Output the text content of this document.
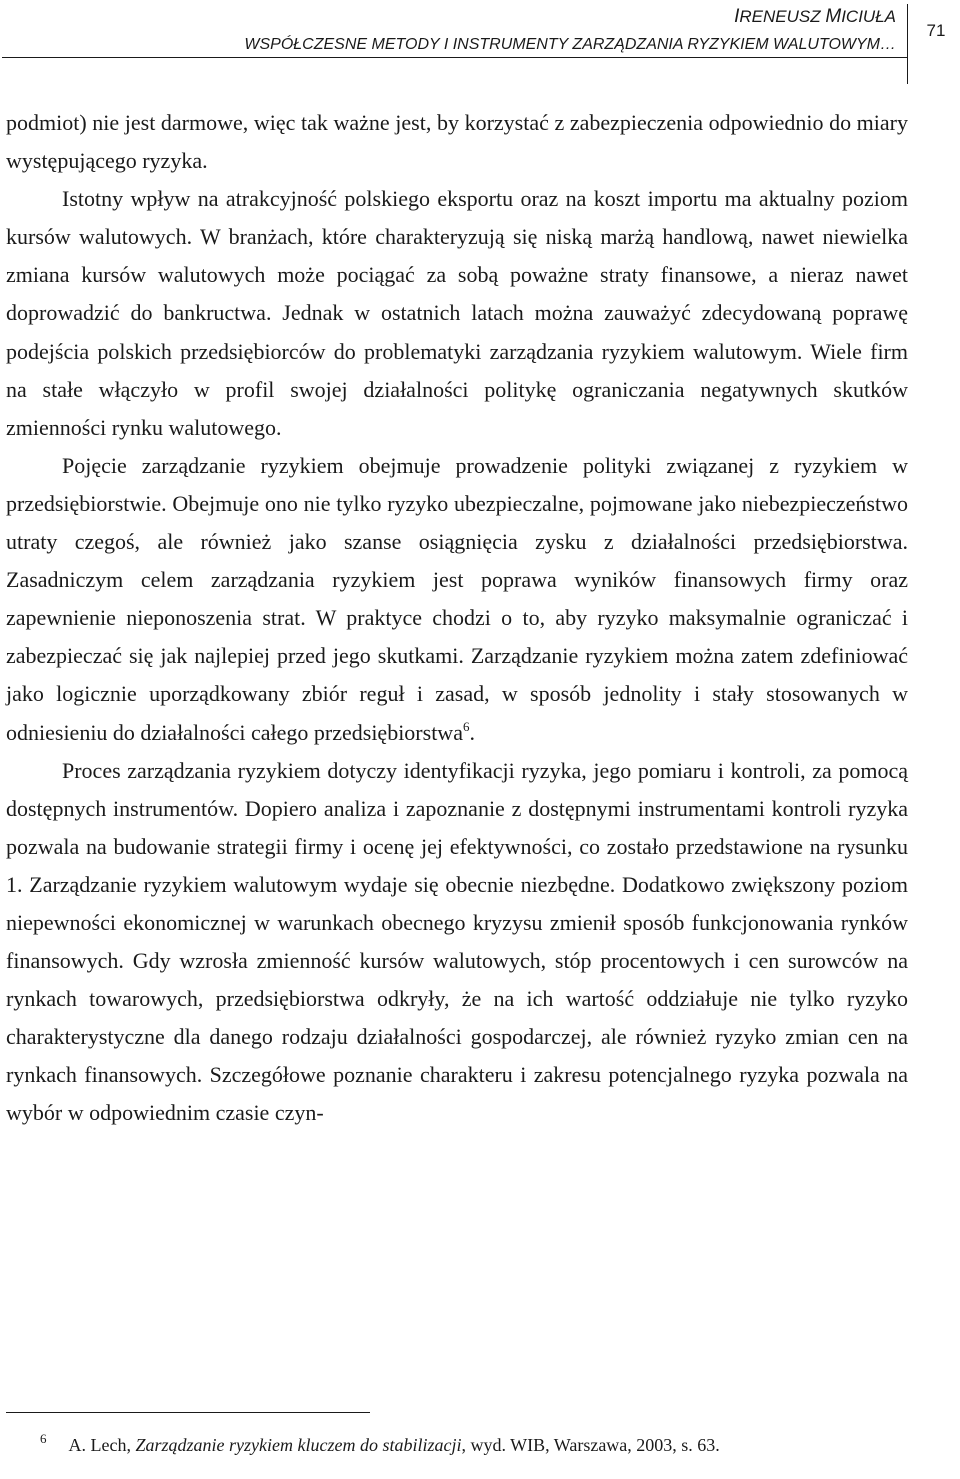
IRENEUSZ MICIUŁA
WSPÓŁCZESNE METODY I INSTRUMENTY ZARZĄDZANIA RYZYKIEM WALUTOWYM…
71

podmiot) nie jest darmowe, więc tak ważne jest, by korzystać z zabezpieczenia odpowiednio do miary występującego ryzyka.

Istotny wpływ na atrakcyjność polskiego eksportu oraz na koszt importu ma aktualny poziom kursów walutowych. W branżach, które charakteryzują się niską marżą handlową, nawet niewielka zmiana kursów walutowych może pociągać za sobą poważne straty finansowe, a nieraz nawet doprowadzić do bankructwa. Jednak w ostatnich latach można zauważyć zdecydowaną poprawę podejścia polskich przedsiębiorców do problematyki zarządzania ryzykiem walutowym. Wiele firm na stałe włączyło w profil swojej działalności politykę ograniczania negatywnych skutków zmienności rynku walutowego.

Pojęcie zarządzanie ryzykiem obejmuje prowadzenie polityki związanej z ryzykiem w przedsiębiorstwie. Obejmuje ono nie tylko ryzyko ubezpieczalne, pojmowane jako niebezpieczeństwo utraty czegoś, ale również jako szanse osiągnięcia zysku z działalności przedsiębiorstwa. Zasadniczym celem zarządzania ryzykiem jest poprawa wyników finansowych firmy oraz zapewnienie nieponoszenia strat. W praktyce chodzi o to, aby ryzyko maksymalnie ograniczać i zabezpieczać się jak najlepiej przed jego skutkami. Zarządzanie ryzykiem można zatem zdefiniować jako logicznie uporządkowany zbiór reguł i zasad, w sposób jednolity i stały stosowanych w odniesieniu do działalności całego przedsiębiorstwa$^6$.

Proces zarządzania ryzykiem dotyczy identyfikacji ryzyka, jego pomiaru i kontroli, za pomocą dostępnych instrumentów. Dopiero analiza i zapoznanie z dostępnymi instrumentami kontroli ryzyka pozwala na budowanie strategii firmy i ocenę jej efektywności, co zostało przedstawione na rysunku 1. Zarządzanie ryzykiem walutowym wydaje się obecnie niezbędne. Dodatkowo zwiększony poziom niepewności ekonomicznej w warunkach obecnego kryzysu zmienił sposób funkcjonowania rynków finansowych. Gdy wzrosła zmienność kursów walutowych, stóp procentowych i cen surowców na rynkach towarowych, przedsiębiorstwa odkryły, że na ich wartość oddziałuje nie tylko ryzyko charakterystyczne dla danego rodzaju działalności gospodarczej, ale również ryzyko zmian cen na rynkach finansowych. Szczegółowe poznanie charakteru i zakresu potencjalnego ryzyka pozwala na wybór w odpowiednim czasie czyn-

$^6$ A. Lech, Zarządzanie ryzykiem kluczem do stabilizacji, wyd. WIB, Warszawa, 2003, s. 63.
